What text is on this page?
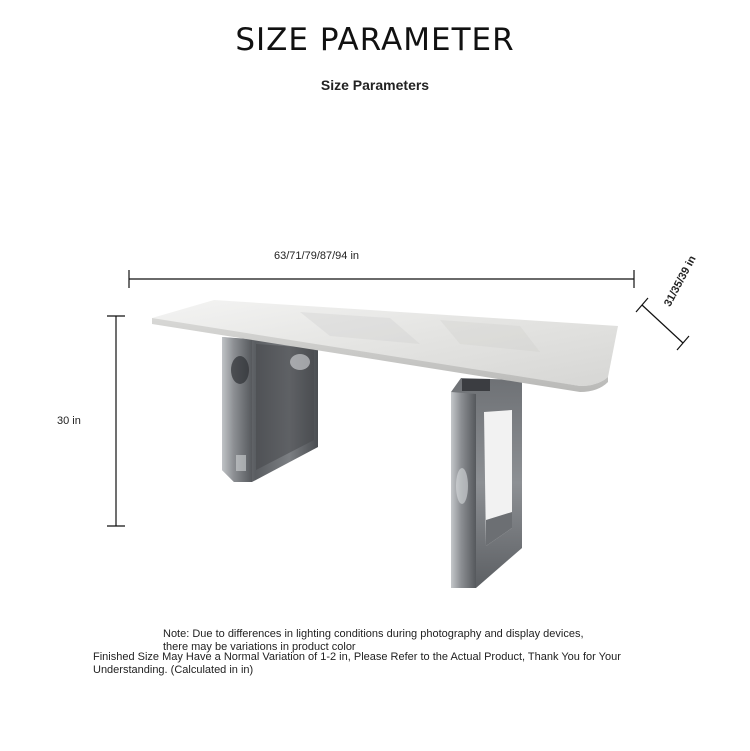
SIZE PARAMETER
Size Parameters
63/71/79/87/94 in
30 in
31/35/39 in
Note: Due to differences in lighting conditions during photography and display devices, there may be variations in product color
Finished Size May Have a Normal Variation of 1-2 in, Please Refer to the Actual Product, Thank You for Your Understanding. (Calculated in in)
